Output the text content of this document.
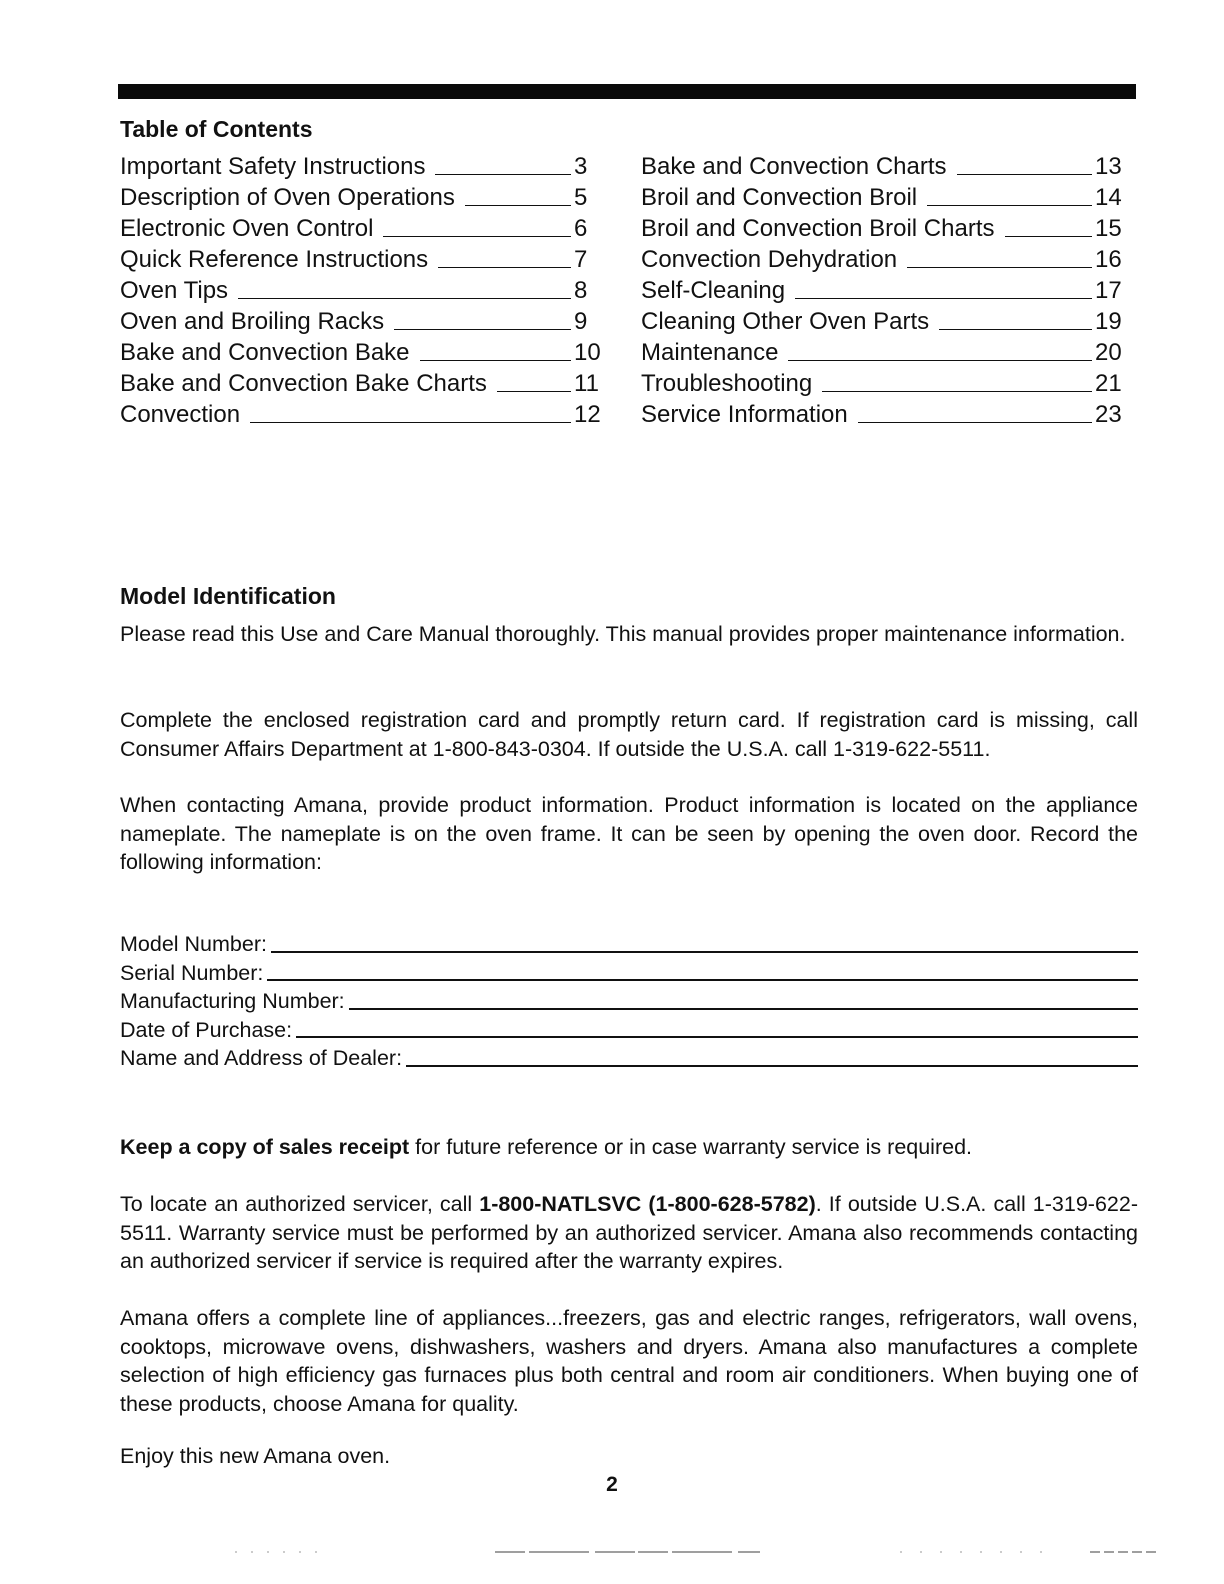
Table of Contents
Important Safety Instructions	3
Description of Oven Operations	5
Electronic Oven Control	6
Quick Reference Instructions	7
Oven Tips	8
Oven and Broiling Racks	9
Bake and Convection Bake	10
Bake and Convection Bake Charts	11
Convection	12
Bake and Convection Charts	13
Broil and Convection Broil	14
Broil and Convection Broil Charts	15
Convection Dehydration	16
Self-Cleaning	17
Cleaning Other Oven Parts	19
Maintenance	20
Troubleshooting	21
Service Information	23
Model Identification
Please read this Use and Care Manual thoroughly. This manual provides proper maintenance information.
Complete the enclosed registration card and promptly return card. If registration card is missing, call Consumer Affairs Department at 1-800-843-0304. If outside the U.S.A. call 1-319-622-5511.
When contacting Amana, provide product information. Product information is located on the appliance nameplate. The nameplate is on the oven frame. It can be seen by opening the oven door. Record the following information:
Model Number:
Serial Number:
Manufacturing Number:
Date of Purchase:
Name and Address of Dealer:
Keep a copy of sales receipt for future reference or in case warranty service is required.
To locate an authorized servicer, call 1-800-NATLSVC (1-800-628-5782). If outside U.S.A. call 1-319-622-5511. Warranty service must be performed by an authorized servicer. Amana also recommends contacting an authorized servicer if service is required after the warranty expires.
Amana offers a complete line of appliances...freezers, gas and electric ranges, refrigerators, wall ovens, cooktops, microwave ovens, dishwashers, washers and dryers. Amana also manufactures a complete selection of high efficiency gas furnaces plus both central and room air conditioners. When buying one of these products, choose Amana for quality.
Enjoy this new Amana oven.
2
